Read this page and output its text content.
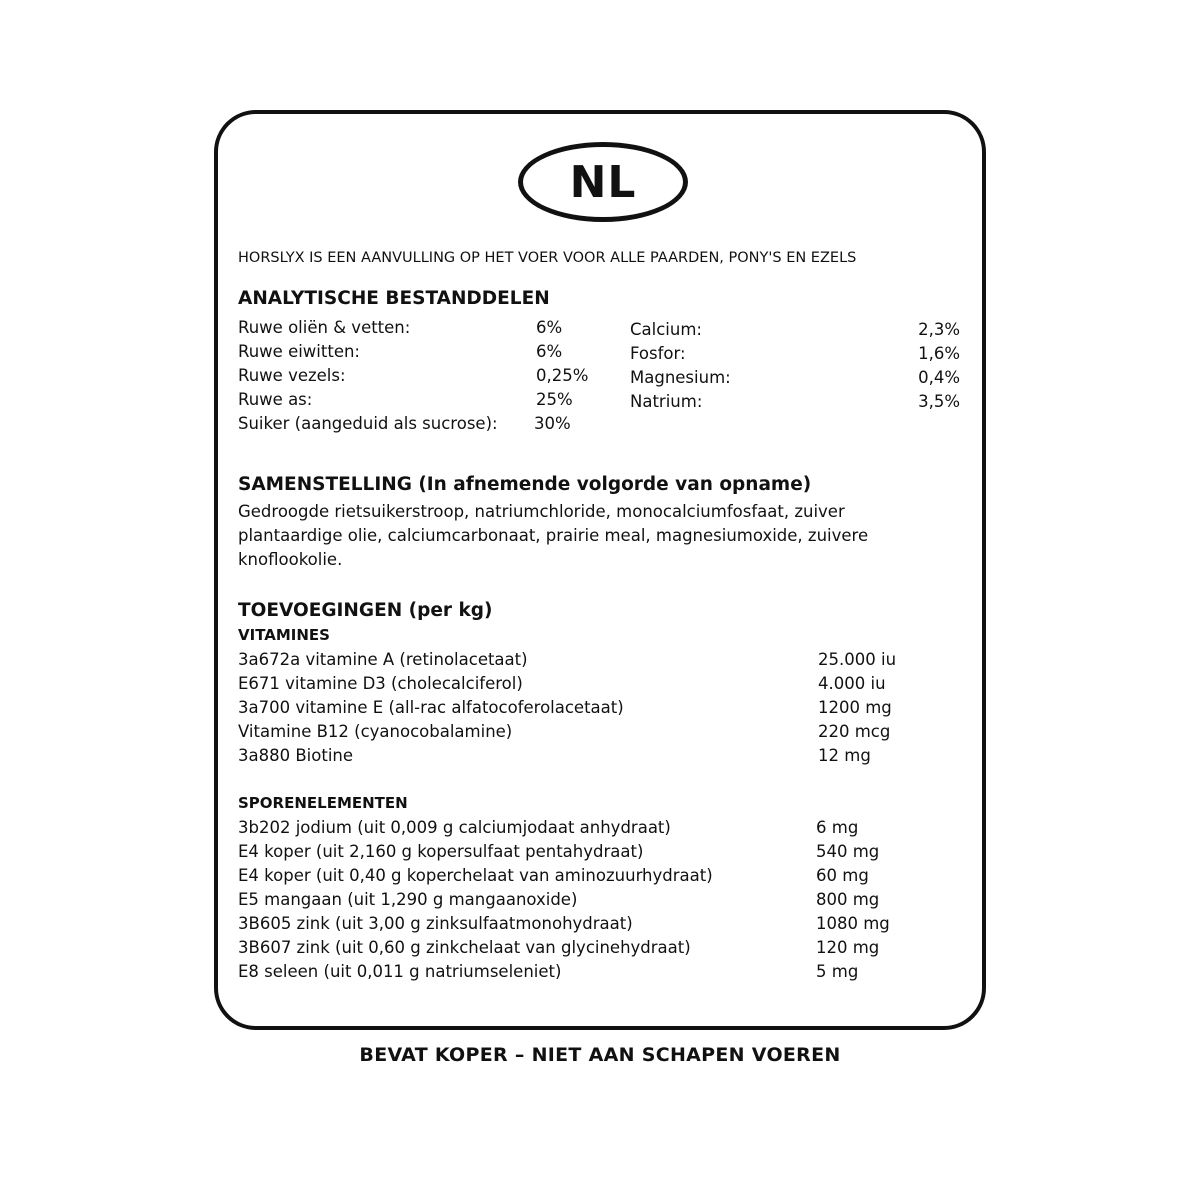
NL
HORSLYX IS EEN AANVULLING OP HET VOER VOOR ALLE PAARDEN, PONY'S EN EZELS
ANALYTISCHE BESTANDDELEN
Ruwe oliën & vetten:	6%
Ruwe eiwitten:	6%
Ruwe vezels:	0,25%
Ruwe as:	25%
Suiker (aangeduid als sucrose): 30%
Calcium:	2,3%
Fosfor:	1,6%
Magnesium:	0,4%
Natrium:	3,5%
SAMENSTELLING (In afnemende volgorde van opname)
Gedroogde rietsuikerstroop, natriumchloride, monocalciumfosfaat, zuiver
plantaardige olie, calciumcarbonaat, prairie meal, magnesiumoxide, zuivere
knoflookolie.
TOEVOEGINGEN (per kg)
VITAMINES
3a672a vitamine A (retinolacetaat)	25.000 iu
E671 vitamine D3 (cholecalciferol)	4.000 iu
3a700 vitamine E (all-rac alfatocoferolacetaat)	1200 mg
Vitamine B12 (cyanocobalamine)	220 mcg
3a880 Biotine	12 mg
SPORENELEMENTEN
3b202 jodium (uit 0,009 g calciumjodaat anhydraat)	6 mg
E4 koper (uit 2,160 g kopersulfaat pentahydraat)	540 mg
E4 koper (uit 0,40 g koperchelaat van aminozuurhydraat)	60 mg
E5 mangaan (uit 1,290 g mangaanoxide)	800 mg
3B605 zink (uit 3,00 g zinksulfaatmonohydraat)	1080 mg
3B607 zink (uit 0,60 g zinkchelaat van glycinehydraat)	120 mg
E8 seleen (uit 0,011 g natriumseleniet)	5 mg
BEVAT KOPER – NIET AAN SCHAPEN VOEREN
